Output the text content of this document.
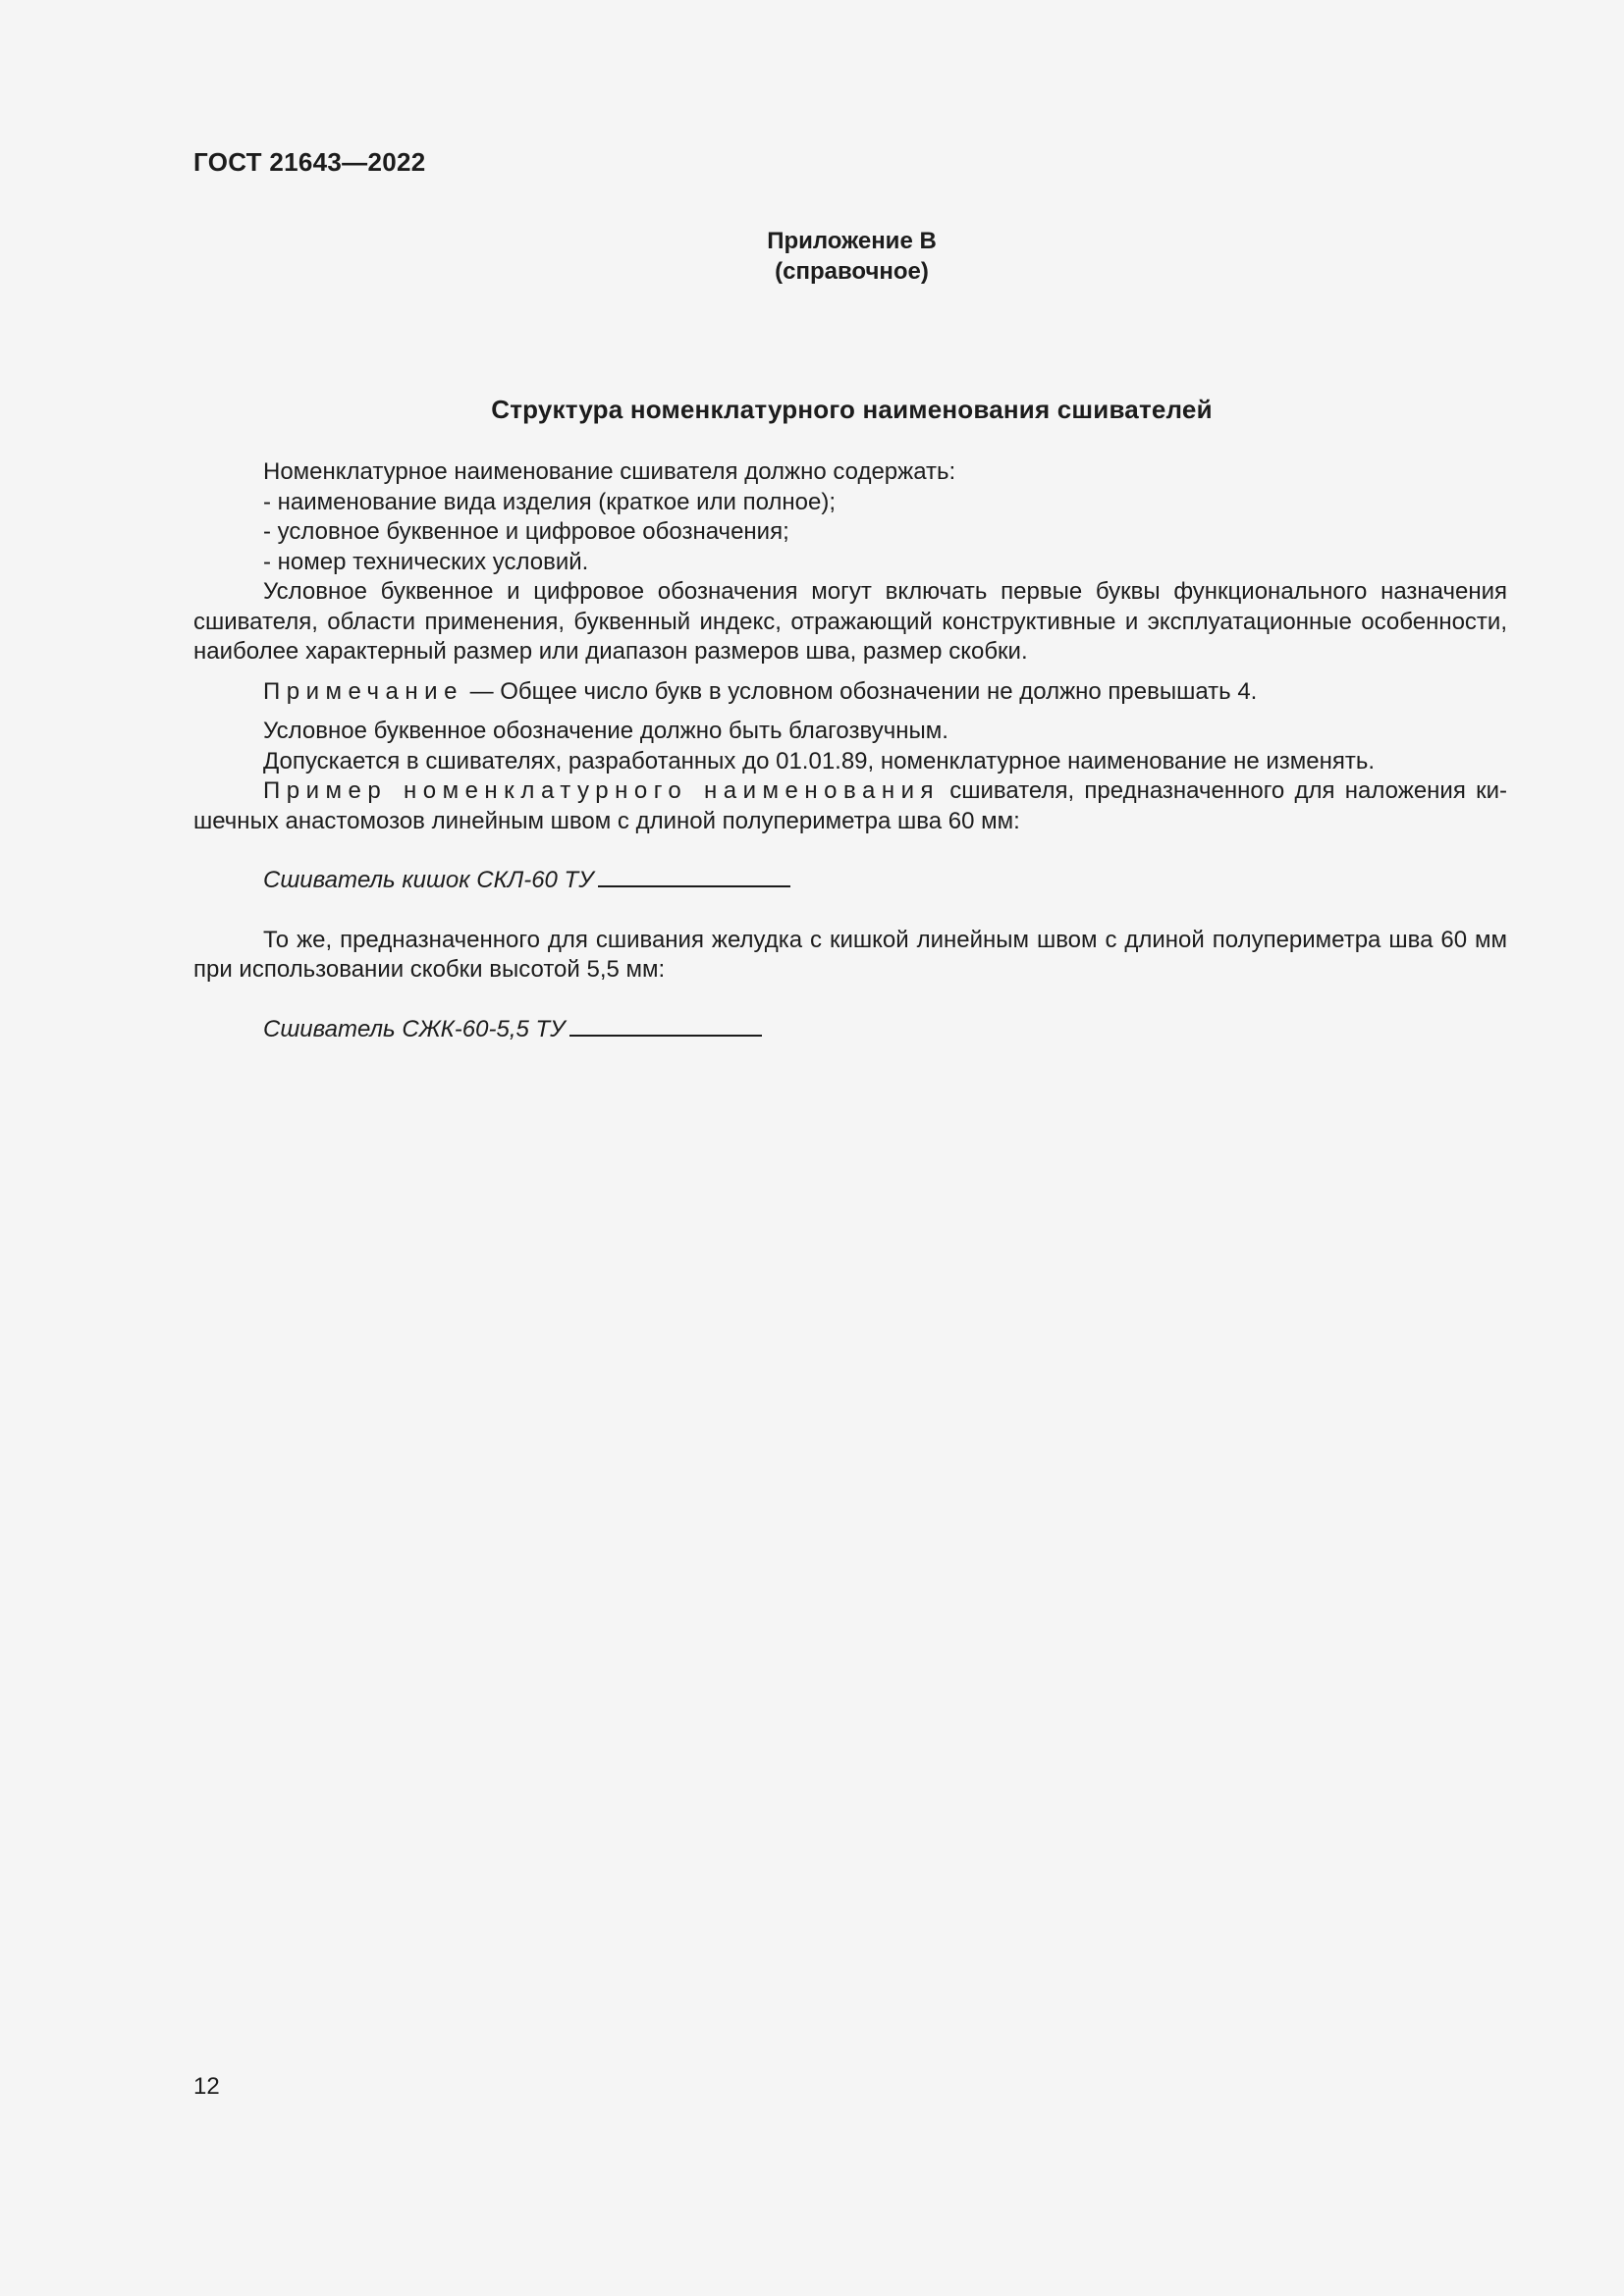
ГОСТ 21643—2022
Приложение В
(справочное)
Структура номенклатурного наименования сшивателей
Номенклатурное наименование сшивателя должно содержать:
- наименование вида изделия (краткое или полное);
- условное буквенное и цифровое обозначения;
- номер технических условий.

Условное буквенное и цифровое обозначения могут включать первые буквы функционального назначения сшивателя, области применения, буквенный индекс, отражающий конструктивные и эксплуатационные особенности, наиболее характерный размер или диапазон размеров шва, размер скобки.

Примечание — Общее число букв в условном обозначении не должно превышать 4.

Условное буквенное обозначение должно быть благозвучным.
Допускается в сшивателях, разработанных до 01.01.89, номенклатурное наименование не изменять.

Пример номенклатурного наименования сшивателя, предназначенного для наложения кишечных анастомозов линейным швом с длиной полупериметра шва 60 мм:

Сшиватель кишок СКЛ-60 ТУ

То же, предназначенного для сшивания желудка с кишкой линейным швом с длиной полупериметра шва 60 мм при использовании скобки высотой 5,5 мм:

Сшиватель СЖК-60-5,5 ТУ

12
